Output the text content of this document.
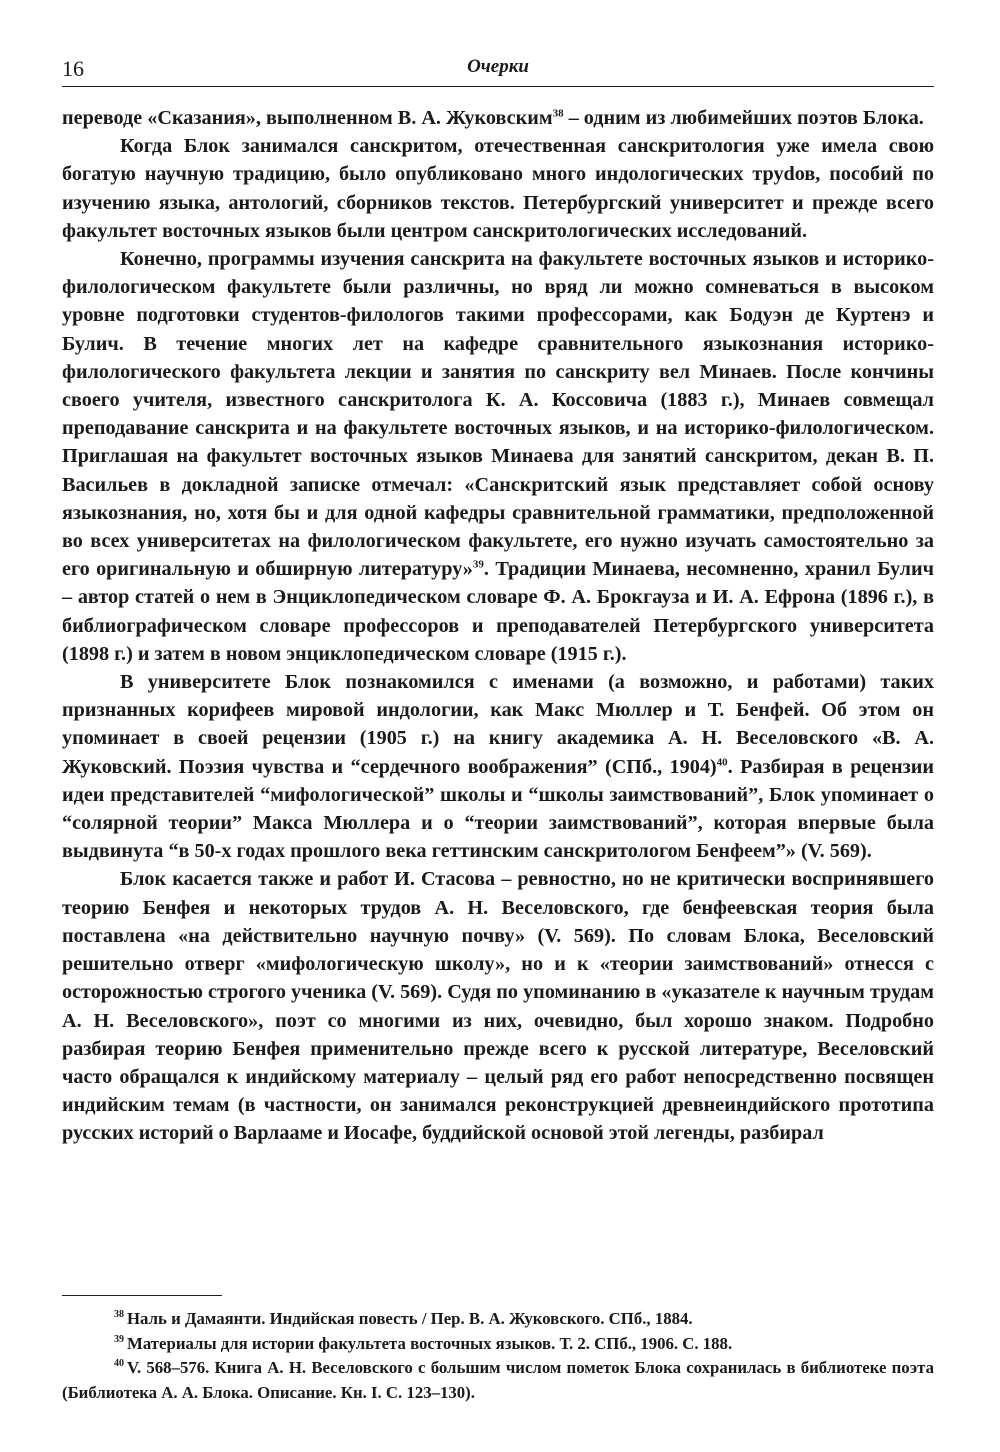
16	Очерки

переводе «Сказания», выполненном В. А. Жуковским$^{38}$ – одним из любимейших поэтов Блока.

Когда Блок занимался санскритом, отечественная санскритология уже имела свою богатую научную традицию, было опубликовано много индологических труdов, пособий по изучению языка, антологий, сборников текстов. Петербургский университет и прежде всего факультет восточных языков были центром санскритологических исследований.

Конечно, программы изучения санскрита на факультете восточных языков и историко-филологическом факультете были различны, но вряд ли можно сомневаться в высоком уровне подготовки студентов-филологов такими профессорами, как Бодуэн де Куртенэ и Булич. В течение многих лет на кафедре сравнительного языкознания историко-филологического факультета лекции и занятия по санскриту вел Минаев. После кончины своего учителя, известного санскритолога К. А. Коссовича (1883 г.), Минаев совмещал преподавание санскрита и на факультете восточных языков, и на историко-филологическом. Приглашая на факультет восточных языков Минаева для занятий санскритом, декан В. П. Васильев в докладной записке отмечал: «Санскритский язык представляет собой основу языкознания, но, хотя бы и для одной кафедры сравнительной грамматики, предположенной во всех университетах на филологическом факультете, его нужно изучать самостоятельно за его оригинальную и обширную литературу»$^{39}$. Традиции Минаева, несомненно, хранил Булич – автор статей о нем в Энциклопедическом словаре Ф. А. Брокгауза и И. А. Ефрона (1896 г.), в библиографическом словаре профессоров и преподавателей Петербургского университета (1898 г.) и затем в новом энциклопедическом словаре (1915 г.).

В университете Блок познакомился с именами (а возможно, и работами) таких признанных корифеев мировой индологии, как Макс Мюллер и Т. Бенфей. Об этом он упоминает в своей рецензии (1905 г.) на книгу академика А. Н. Веселовского «В. А. Жуковский. Поэзия чувства и “сердечного воображения” (СПб., 1904)$^{40}$. Разбирая в рецензии идеи представителей “мифологической” школы и “школы заимствований”, Блок упоминает о “солярной теории” Макса Мюллера и о “теории заимствований”, которая впервые была выдвинута “в 50-х годах прошлого века геттинским санскритологом Бенфеем”» (V. 569).

Блок касается также и работ И. Стасова – ревностно, но не критически воспринявшего теорию Бенфея и некоторых трудов А. Н. Веселовского, где бенфеевская теория была поставлена «на действительно научную почву» (V. 569). По словам Блока, Веселовский решительно отверг «мифологическую школу», но и к «теории заимствований» отнесся с осторожностью строгого ученика (V. 569). Судя по упоминанию в «указателе к научным трудам А. Н. Веселовского», поэт со многими из них, очевидно, был хорошо знаком. Подробно разбирая теорию Бенфея применительно прежде всего к русской литературе, Веселовский часто обращался к индийскому материалу – целый ряд его работ непосредственно посвящен индийским темам (в частности, он занимался реконструкцией древнеиндийского прототипа русских историй о Варлааме и Иосафе, буддийской основой этой легенды, разбирал

$^{38}$ Наль и Дамаянти. Индийская повесть / Пер. В. А. Жуковского. СПб., 1884.

$^{39}$ Материалы для истории факультета восточных языков. Т. 2. СПб., 1906. С. 188.

$^{40}$ V. 568–576. Книга А. Н. Веселовского с большим числом пометок Блока сохранилась в библиотеке поэта (Библиотека А. А. Блока. Описание. Кн. I. С. 123–130).
